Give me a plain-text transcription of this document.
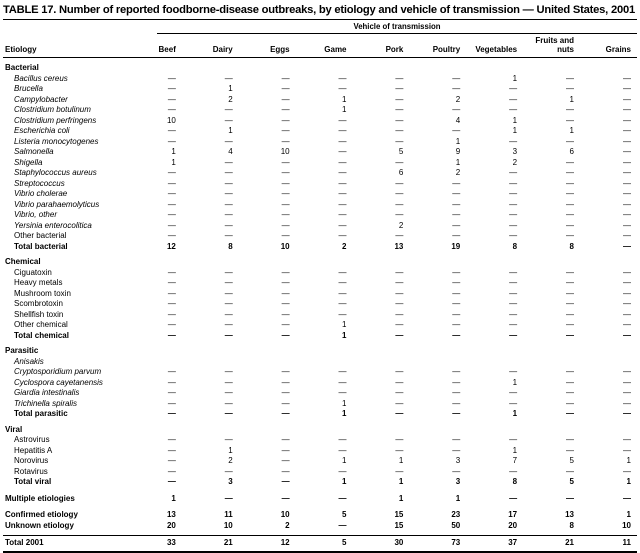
TABLE 17. Number of reported foodborne-disease outbreaks, by etiology and vehicle of transmission — United States, 2001

	Vehicle of transmission								

Etiology	Beef	Dairy	Eggs	Game	Pork	Poultry	Vegetables	Fruits and nuts	Grains
Bacterial									
Bacillus cereus	—	—	—	—	—	—	1	—	—
Brucella	—	1	—	—	—	—	—	—	—
Campylobacter	—	2	—	1	—	2	—	1	—
Clostridium botulinum	—	—	—	1	—	—	—	—	—
Clostridium perfringens	10	—	—	—	—	4	1	—	—
Escherichia coli	—	1	—	—	—	—	1	1	—
Listeria monocytogenes	—	—	—	—	—	1	—	—	—
Salmonella	1	4	10	—	5	9	3	6	—
Shigella	1	—	—	—	—	1	2	—	—
Staphylococcus aureus	—	—	—	—	6	2	—	—	—
Streptococcus	—	—	—	—	—	—	—	—	—
Vibrio cholerae	—	—	—	—	—	—	—	—	—
Vibrio parahaemolyticus	—	—	—	—	—	—	—	—	—
Vibrio, other	—	—	—	—	—	—	—	—	—
Yersinia enterocolitica	—	—	—	—	2	—	—	—	—
Other bacterial	—	—	—	—	—	—	—	—	—
Total bacterial	12	8	10	2	13	19	8	8	—
Chemical									
Ciguatoxin	—	—	—	—	—	—	—	—	—
Heavy metals	—	—	—	—	—	—	—	—	—
Mushroom toxin	—	—	—	—	—	—	—	—	—
Scombrotoxin	—	—	—	—	—	—	—	—	—
Shellfish toxin	—	—	—	—	—	—	—	—	—
Other chemical	—	—	—	1	—	—	—	—	—
Total chemical	—	—	—	1	—	—	—	—	—
Parasitic									
Anisakis									
Cryptosporidium parvum	—	—	—	—	—	—	—	—	—
Cyclospora cayetanensis	—	—	—	—	—	—	1	—	—
Giardia intestinalis	—	—	—	—	—	—	—	—	—
Trichinella spiralis	—	—	—	1	—	—	—	—	—
Total parasitic	—	—	—	1	—	—	1	—	—
Viral									
Astrovirus	—	—	—	—	—	—	—	—	—
Hepatitis A	—	1	—	—	—	—	1	—	—
Norovirus	—	2	—	1	1	3	7	5	1
Rotavirus	—	—	—	—	—	—	—	—	—
Total viral	—	3	—	1	1	3	8	5	1
Multiple etiologies	1	—	—	—	1	1	—	—	—
Confirmed etiology	13	11	10	5	15	23	17	13	1
Unknown etiology	20	10	2	—	15	50	20	8	10
Total 2001	33	21	12	5	30	73	37	21	11
